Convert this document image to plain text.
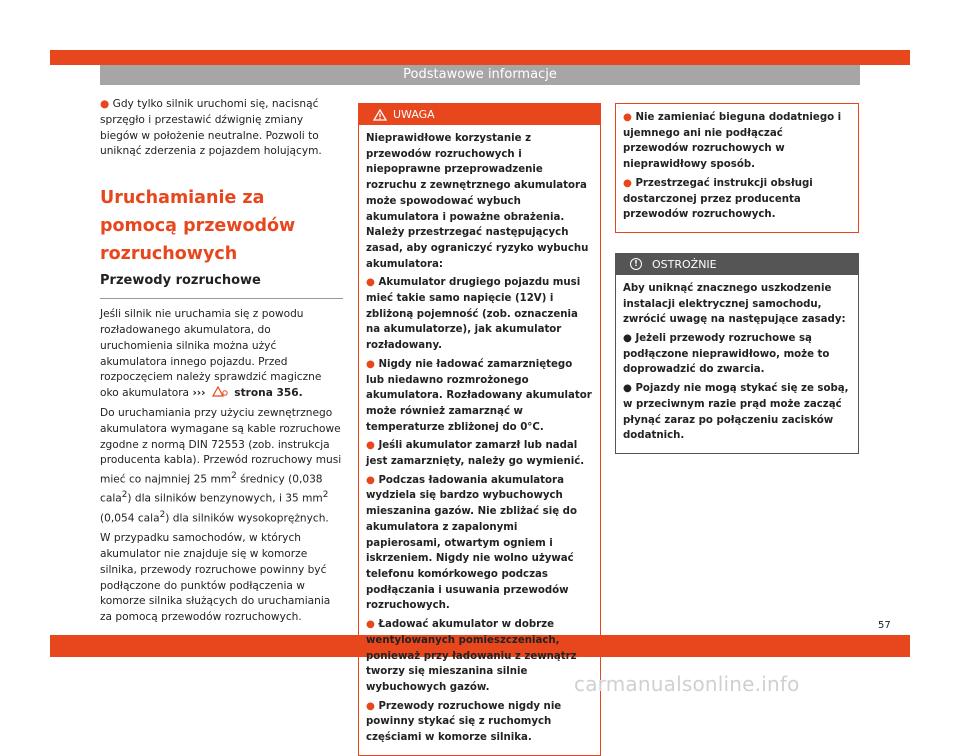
Podstawowe informacje

● Gdy tylko silnik uruchomi się, nacisnąć sprzęgło i przestawić dźwignię zmiany biegów w położenie neutralne. Pozwoli to uniknąć zderzenia z pojazdem holującym.

Uruchamianie za pomocą przewodów rozruchowych
Przewody rozruchowe

Jeśli silnik nie uruchamia się z powodu rozładowanego akumulatora, do uruchomienia silnika można użyć akumulatora innego pojazdu. Przed rozpoczęciem należy sprawdzić magiczne oko akumulatora ›››	strona 356.

Do uruchamiania przy użyciu zewnętrznego akumulatora wymagane są kable rozruchowe zgodne z normą DIN 72553 (zob. instrukcja producenta kabla). Przewód rozruchowy musi mieć co najmniej 25 $mm^2$ średnicy (0,038 cala$^2$) dla silników benzynowych, i 35 $mm^2$ (0,054 cala$^2$) dla silników wysokoprężnych.

W przypadku samochodów, w których akumulator nie znajduje się w komorze silnika, przewody rozruchowe powinny być podłączone do punktów podłączenia w komorze silnika służących do uruchamiania za pomocą przewodów rozruchowych.

UWAGA

Nieprawidłowe korzystanie z przewodów rozruchowych i niepoprawne przeprowadzenie rozruchu z zewnętrznego akumulatora może spowodować wybuch akumulatora i poważne obrażenia. Należy przestrzegać następujących zasad, aby ograniczyć ryzyko wybuchu akumulatora:

● Akumulator drugiego pojazdu musi mieć takie samo napięcie (12V) i zbliżoną pojemność (zob. oznaczenia na akumulatorze), jak akumulator rozładowany.

● Nigdy nie ładować zamarzniętego lub niedawno rozmrożonego akumulatora. Rozładowany akumulator może również zamarznąć w temperaturze zbliżonej do 0°C.

● Jeśli akumulator zamarzł lub nadal jest zamarznięty, należy go wymienić.

● Podczas ładowania akumulatora wydziela się bardzo wybuchowych mieszanina gazów. Nie zbliżać się do akumulatora z zapalonymi papierosami, otwartym ogniem i iskrzeniem. Nigdy nie wolno używać telefonu komórkowego podczas podłączania i usuwania przewodów rozruchowych.

● Ładować akumulator w dobrze wentylowanych pomieszczeniach, ponieważ przy ładowaniu z zewnątrz tworzy się mieszanina silnie wybuchowych gazów.

● Przewody rozruchowe nigdy nie powinny stykać się z ruchomych częściami w komorze silnika.

● Nie zamieniać bieguna dodatniego i ujemnego ani nie podłączać przewodów rozruchowych w nieprawidłowy sposób.

● Przestrzegać instrukcji obsługi dostarczonej przez producenta przewodów rozruchowych.

!	OSTROŻNIE

Aby uniknąć znacznego uszkodzenie instalacji elektrycznej samochodu, zwrócić uwagę na następujące zasady:

● Jeżeli przewody rozruchowe są podłączone nieprawidłowo, może to doprowadzić do zwarcia.

● Pojazdy nie mogą stykać się ze sobą, w przeciwnym razie prąd może zacząć płynąć zaraz po połączeniu zacisków dodatnich.

57
carmanualsonline.info
